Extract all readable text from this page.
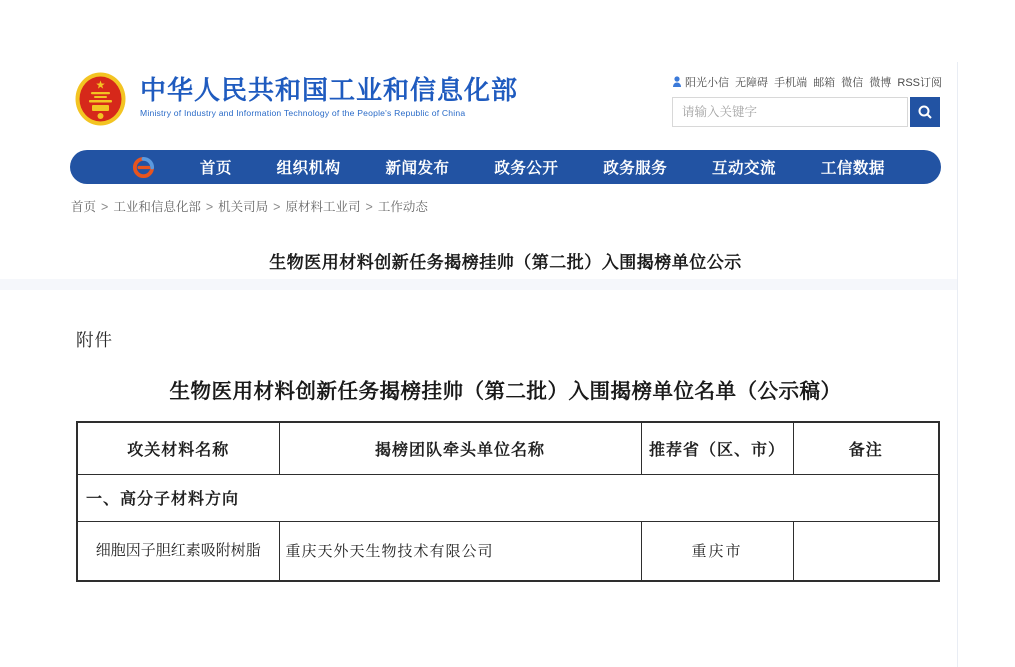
中华人民共和国工业和信息化部
Ministry of Industry and Information Technology of the People's Republic of China
阳光小信 无障碍 手机端 邮箱 微信 微博 RSS订阅
请输入关键字
首页	组织机构	新闻发布	政务公开	政务服务	互动交流	工信数据
首页 > 工业和信息化部 > 机关司局 > 原材料工业司 > 工作动态
生物医用材料创新任务揭榜挂帅（第二批）入围揭榜单位公示
附件
生物医用材料创新任务揭榜挂帅（第二批）入围揭榜单位名单（公示稿）
攻关材料名称	揭榜团队牵头单位名称	推荐省（区、市）	备注
一、高分子材料方向			
细胞因子胆红素吸附树脂	重庆天外天生物技术有限公司	重庆市	
